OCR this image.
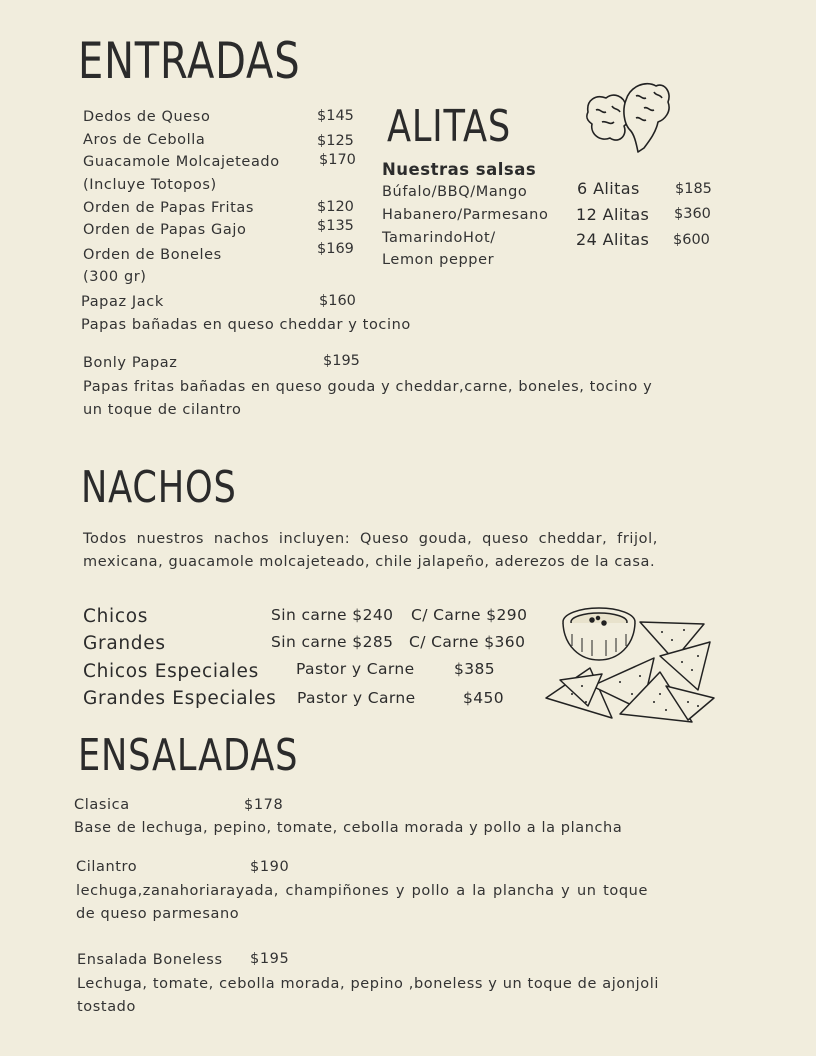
ENTRADAS
Dedos de Queso	$145
Aros de Cebolla	$125
Guacamole Molcajeteado	$170
(Incluye Totopos)
Orden de Papas Fritas	$120
Orden de Papas Gajo	$135
Orden de Boneles	$169
(300 gr)
Papaz Jack	$160
Papas bañadas en queso cheddar y tocino
Bonly Papaz	$195
Papas fritas bañadas en queso gouda y cheddar,carne, boneles, tocino y un toque de cilantro
ALITAS
Nuestras salsas
Búfalo/BBQ/Mango
Habanero/Parmesano
TamarindoHot/
Lemon pepper
6 Alitas $185
12 Alitas $360
24 Alitas $600
NACHOS
Todos nuestros nachos incluyen: Queso gouda, queso cheddar, frijol, mexicana, guacamole molcajeteado, chile jalapeño, aderezos de la casa.
Chicos	Sin carne $240 C/ Carne $290
Grandes	Sin carne $285 C/ Carne $360
Chicos Especiales Pastor y Carne	$385
Grandes Especiales Pastor y Carne	$450
ENSALADAS
Clasica	$178
Base de lechuga, pepino, tomate, cebolla morada y pollo a la plancha
Cilantro	$190
lechuga,zanahoriarayada, champiñones y pollo a la plancha y un toque de queso parmesano
Ensalada Boneless $195
Lechuga, tomate, cebolla morada, pepino ,boneless y un toque de ajonjoli tostado
